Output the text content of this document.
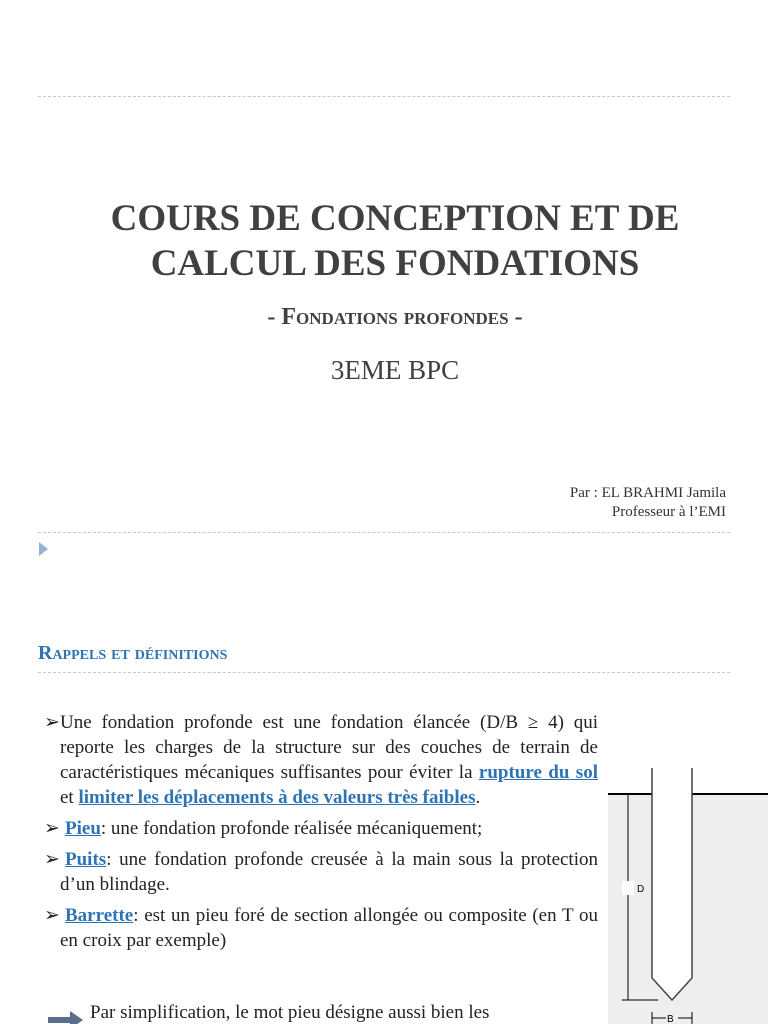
COURS DE CONCEPTION ET DE
CALCUL DES FONDATIONS
- Fondations profondes -
3EME BPC
Par : EL BRAHMI Jamila
Professeur à l’EMI
Rappels et définitions
➢ Une fondation profonde est une fondation élancée (D/B ≥ 4) qui reporte les charges de la structure sur des couches de terrain de caractéristiques mécaniques suffisantes pour éviter la rupture du sol et limiter les déplacements à des valeurs très faibles.
➢ Pieu: une fondation profonde réalisée mécaniquement;
➢ Puits: une fondation profonde creusée à la main sous la protection d’un blindage.
➢ Barrette: est un pieu foré de section allongée ou composite (en T ou en croix par exemple)
Par simplification, le mot pieu désigne aussi bien les
D
B
